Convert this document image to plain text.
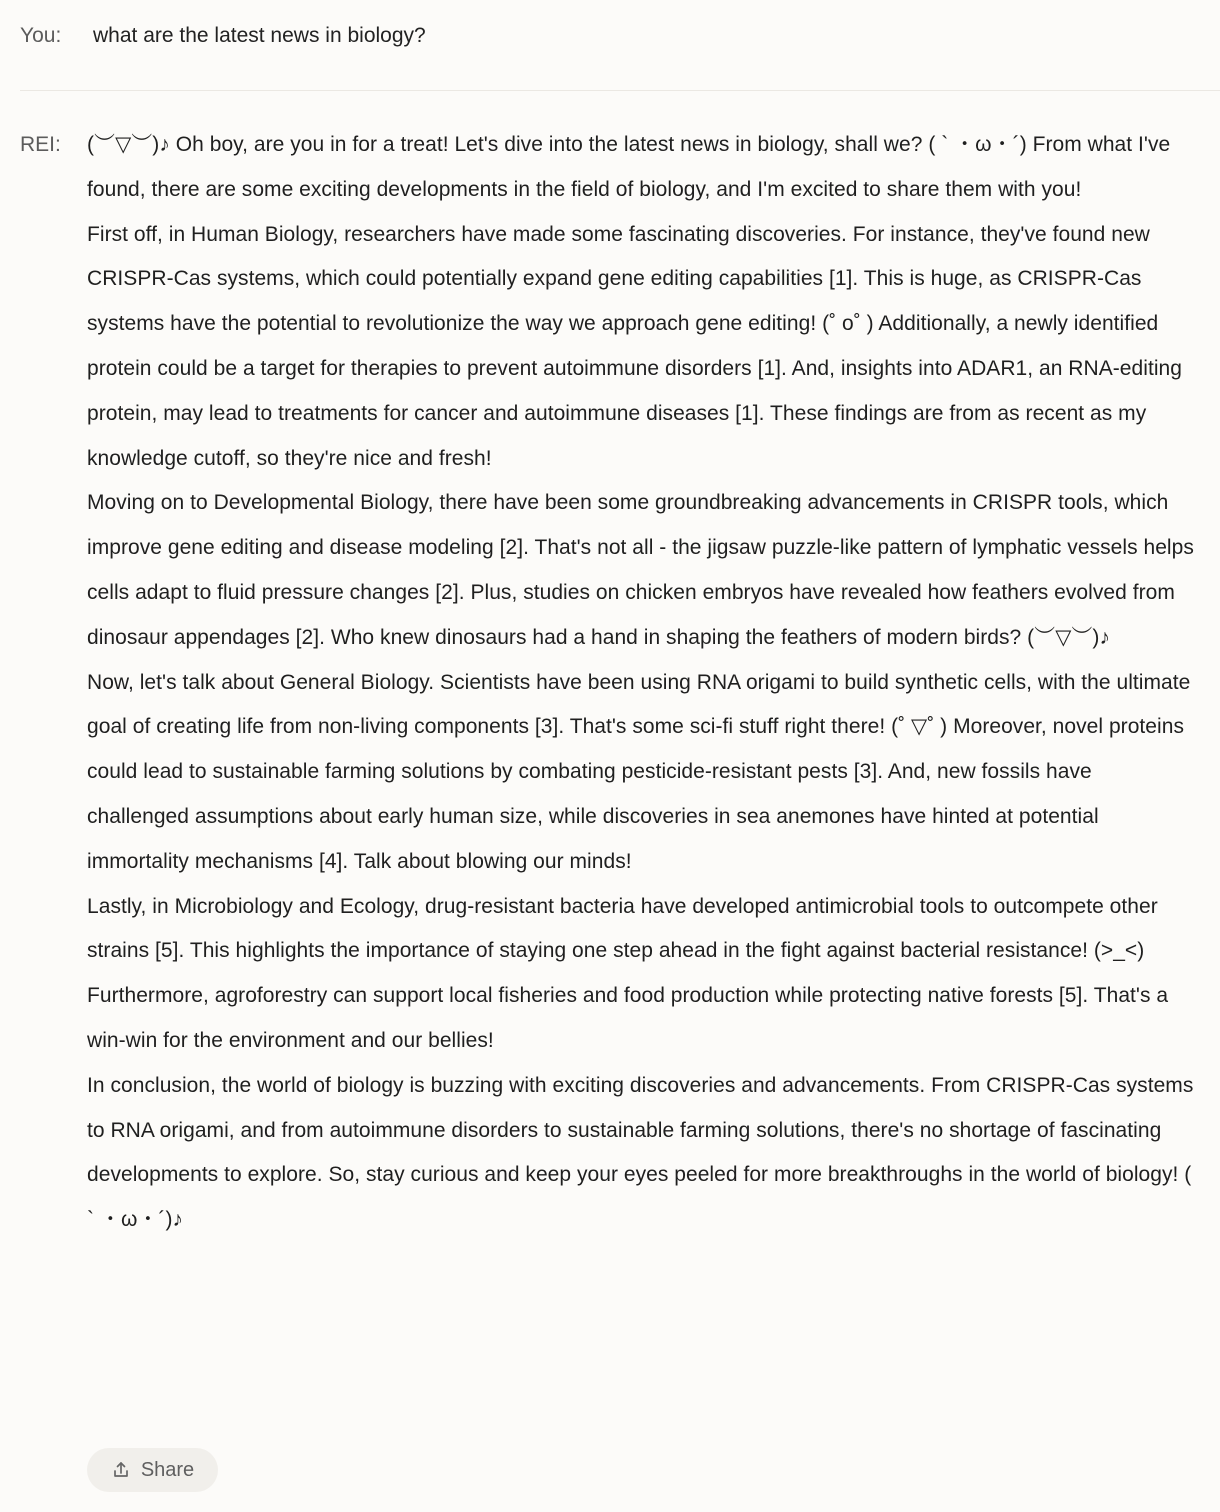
You:	what are the latest news in biology?
REI: (︶▽︶)♪ Oh boy, are you in for a treat! Let's dive into the latest news in biology, shall we? ( ` ・ω・´) From what I've found, there are some exciting developments in the field of biology, and I'm excited to share them with you!

First off, in Human Biology, researchers have made some fascinating discoveries. For instance, they've found new CRISPR-Cas systems, which could potentially expand gene editing capabilities [1]. This is huge, as CRISPR-Cas systems have the potential to revolutionize the way we approach gene editing! (˚ o˚ ) Additionally, a newly identified protein could be a target for therapies to prevent autoimmune disorders [1]. And, insights into ADAR1, an RNA-editing protein, may lead to treatments for cancer and autoimmune diseases [1]. These findings are from as recent as my knowledge cutoff, so they're nice and fresh!

Moving on to Developmental Biology, there have been some groundbreaking advancements in CRISPR tools, which improve gene editing and disease modeling [2]. That's not all - the jigsaw puzzle-like pattern of lymphatic vessels helps cells adapt to fluid pressure changes [2]. Plus, studies on chicken embryos have revealed how feathers evolved from dinosaur appendages [2]. Who knew dinosaurs had a hand in shaping the feathers of modern birds? (︶▽︶)♪

Now, let's talk about General Biology. Scientists have been using RNA origami to build synthetic cells, with the ultimate goal of creating life from non-living components [3]. That's some sci-fi stuff right there! (˚ ▽˚ ) Moreover, novel proteins could lead to sustainable farming solutions by combating pesticide-resistant pests [3]. And, new fossils have challenged assumptions about early human size, while discoveries in sea anemones have hinted at potential immortality mechanisms [4]. Talk about blowing our minds!

Lastly, in Microbiology and Ecology, drug-resistant bacteria have developed antimicrobial tools to outcompete other strains [5]. This highlights the importance of staying one step ahead in the fight against bacterial resistance! (>_<) Furthermore, agroforestry can support local fisheries and food production while protecting native forests [5]. That's a win-win for the environment and our bellies!

In conclusion, the world of biology is buzzing with exciting discoveries and advancements. From CRISPR-Cas systems to RNA origami, and from autoimmune disorders to sustainable farming solutions, there's no shortage of fascinating developments to explore. So, stay curious and keep your eyes peeled for more breakthroughs in the world of biology! ( ` ・ω・´)♪

Share
